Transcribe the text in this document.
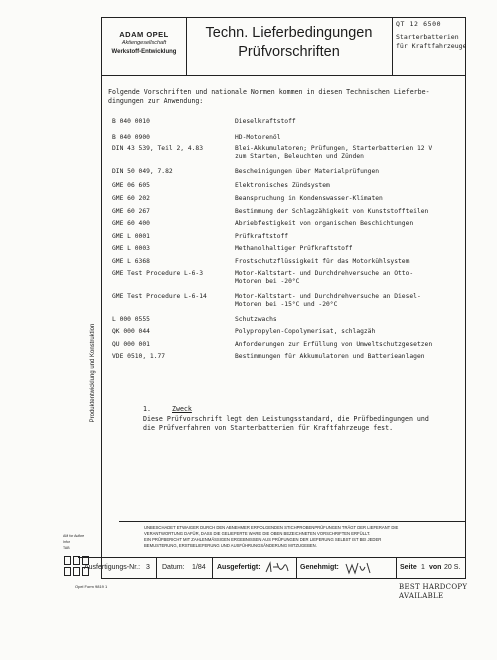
ADAM OPEL
Aktiengesellschaft
Werkstoff-Entwicklung
Techn. Lieferbedingungen
Prüfvorschriften
QT 12 6500
Starterbatterien
für Kraftfahrzeuge
Folgende Vorschriften und nationale Normen kommen in diesen Technischen Lieferbe-
dingungen zur Anwendung:
B 040 0010	Dieselkraftstoff
B 040 0900	HD-Motorenöl
DIN 43 539, Teil 2, 4.83	Blei-Akkumulatoren; Prüfungen, Starterbatterien 12 V
zum Starten, Beleuchten und Zünden
DIN 50 049, 7.82	Bescheinigungen über Materialprüfungen
GME 06 605	Elektronisches Zündsystem
GME 60 202	Beanspruchung in Kondenswasser-Klimaten
GME 60 267	Bestimmung der Schlagzähigkeit von Kunststoffteilen
GME 60 400	Abriebfestigkeit von organischen Beschichtungen
GME L 0001	Prüfkraftstoff
GME L 0003	Methanolhaltiger Prüfkraftstoff
GME L 6368	Frostschutzflüssigkeit für das Motorkühlsystem
GME Test Procedure L-6-3	Motor-Kaltstart- und Durchdrehversuche an Otto-
Motoren bei -20°C
GME Test Procedure L-6-14	Motor-Kaltstart- und Durchdrehversuche an Diesel-
Motoren bei -15°C und -20°C
L 000 0555	Schutzwachs
QK 000 044	Polypropylen-Copolymerisat, schlagzäh
QU 000 001	Anforderungen zur Erfüllung von Umweltschutzgesetzen
VDE 0510, 1.77	Bestimmungen für Akkumulatoren und Batterieanlagen
1.	Zweck
Diese Prüfvorschrift legt den Leistungsstandard, die Prüfbedingungen und
die Prüfverfahren von Starterbatterien für Kraftfahrzeuge fest.
UNBESCHADET ETWAIGER DURCH DEN ABNEHMER ERFOLGENDEN STICHPROBENPRÜFUNGEN TRÄGT DER LIEFERANT DIE
VERANTWORTUNG DAFÜR, DASS DIE GELIEFERTE WARE DIE OBEN BEZEICHNETEN VORSCHRIFTEN ERFÜLLT.
EIN PRÜFBERICHT MIT ZAHLENMÄSSIGEN ERGEBNISSEN AUS PRÜFUNGEN DER LIEFERUNG SELBST IST BEI JEDER
BEMUSTERUNG, ERSTBELIEFERUNG UND AUSFÜHRUNGSÄNDERUNG MITZUGEBEN.
Ausfertigungs-Nr.: 3 Datum: 1/84 Ausgefertigt:	Genehmigt:	Seite 1 von 20 S.
Produktentwicklung und Konstruktion
AM for Aufkre
Infor
TAB
Opel Form 9819 1	BEST HARDCOPY
AVAILABLE
